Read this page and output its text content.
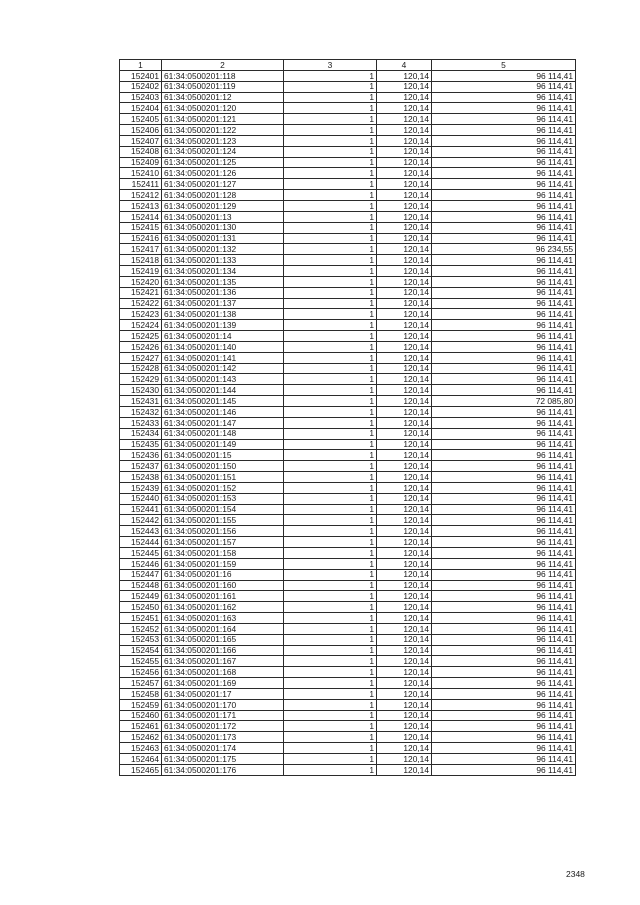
1	2	3	4	5
152401	61:34:0500201:118	1	120,14	96 114,41
152402	61:34:0500201:119	1	120,14	96 114,41
152403	61:34:0500201:12	1	120,14	96 114,41
152404	61:34:0500201:120	1	120,14	96 114,41
152405	61:34:0500201:121	1	120,14	96 114,41
152406	61:34:0500201:122	1	120,14	96 114,41
152407	61:34:0500201:123	1	120,14	96 114,41
152408	61:34:0500201:124	1	120,14	96 114,41
152409	61:34:0500201:125	1	120,14	96 114,41
152410	61:34:0500201:126	1	120,14	96 114,41
152411	61:34:0500201:127	1	120,14	96 114,41
152412	61:34:0500201:128	1	120,14	96 114,41
152413	61:34:0500201:129	1	120,14	96 114,41
152414	61:34:0500201:13	1	120,14	96 114,41
152415	61:34:0500201:130	1	120,14	96 114,41
152416	61:34:0500201:131	1	120,14	96 114,41
152417	61:34:0500201:132	1	120,14	96 234,55
152418	61:34:0500201:133	1	120,14	96 114,41
152419	61:34:0500201:134	1	120,14	96 114,41
152420	61:34:0500201:135	1	120,14	96 114,41
152421	61:34:0500201:136	1	120,14	96 114,41
152422	61:34:0500201:137	1	120,14	96 114,41
152423	61:34:0500201:138	1	120,14	96 114,41
152424	61:34:0500201:139	1	120,14	96 114,41
152425	61:34:0500201:14	1	120,14	96 114,41
152426	61:34:0500201:140	1	120,14	96 114,41
152427	61:34:0500201:141	1	120,14	96 114,41
152428	61:34:0500201:142	1	120,14	96 114,41
152429	61:34:0500201:143	1	120,14	96 114,41
152430	61:34:0500201:144	1	120,14	96 114,41
152431	61:34:0500201:145	1	120,14	72 085,80
152432	61:34:0500201:146	1	120,14	96 114,41
152433	61:34:0500201:147	1	120,14	96 114,41
152434	61:34:0500201:148	1	120,14	96 114,41
152435	61:34:0500201:149	1	120,14	96 114,41
152436	61:34:0500201:15	1	120,14	96 114,41
152437	61:34:0500201:150	1	120,14	96 114,41
152438	61:34:0500201:151	1	120,14	96 114,41
152439	61:34:0500201:152	1	120,14	96 114,41
152440	61:34:0500201:153	1	120,14	96 114,41
152441	61:34:0500201:154	1	120,14	96 114,41
152442	61:34:0500201:155	1	120,14	96 114,41
152443	61:34:0500201:156	1	120,14	96 114,41
152444	61:34:0500201:157	1	120,14	96 114,41
152445	61:34:0500201:158	1	120,14	96 114,41
152446	61:34:0500201:159	1	120,14	96 114,41
152447	61:34:0500201:16	1	120,14	96 114,41
152448	61:34:0500201:160	1	120,14	96 114,41
152449	61:34:0500201:161	1	120,14	96 114,41
152450	61:34:0500201:162	1	120,14	96 114,41
152451	61:34:0500201:163	1	120,14	96 114,41
152452	61:34:0500201:164	1	120,14	96 114,41
152453	61:34:0500201:165	1	120,14	96 114,41
152454	61:34:0500201:166	1	120,14	96 114,41
152455	61:34:0500201:167	1	120,14	96 114,41
152456	61:34:0500201:168	1	120,14	96 114,41
152457	61:34:0500201:169	1	120,14	96 114,41
152458	61:34:0500201:17	1	120,14	96 114,41
152459	61:34:0500201:170	1	120,14	96 114,41
152460	61:34:0500201:171	1	120,14	96 114,41
152461	61:34:0500201:172	1	120,14	96 114,41
152462	61:34:0500201:173	1	120,14	96 114,41
152463	61:34:0500201:174	1	120,14	96 114,41
152464	61:34:0500201:175	1	120,14	96 114,41
152465	61:34:0500201:176	1	120,14	96 114,41
2348
